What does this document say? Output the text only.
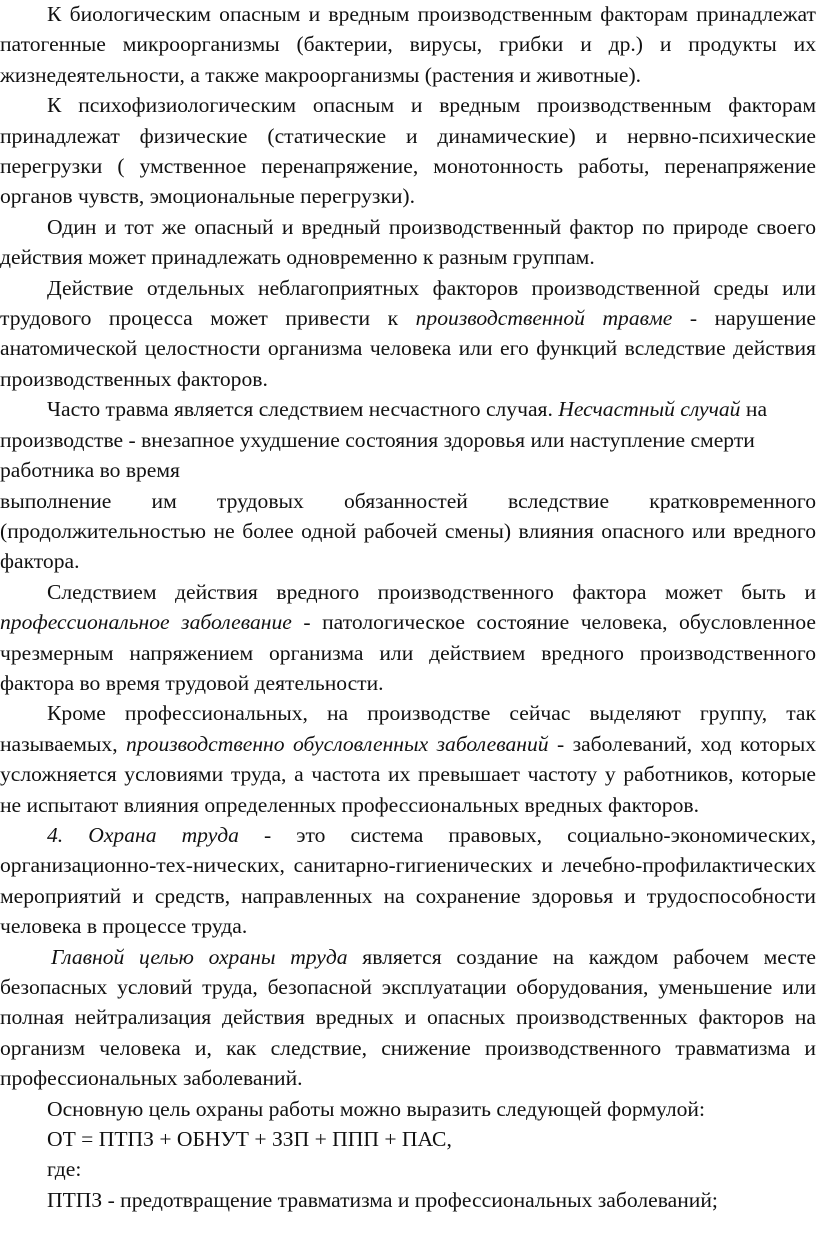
К биологическим опасным и вредным производственным факторам принадлежат патогенные микроорганизмы (бактерии, вирусы, грибки и др.) и продукты их жизнедеятельности, а также макроорганизмы (растения и животные).

К психофизиологическим опасным и вредным производственным факторам принадлежат физические (статические и динамические) и нервно-психические перегрузки ( умственное перенапряжение, монотонность работы, перенапряжение органов чувств, эмоциональные перегрузки).

Один и тот же опасный и вредный производственный фактор по природе своего действия может принадлежать одновременно к разным группам.

Действие отдельных неблагоприятных факторов производственной среды или трудового процесса может привести к производственной травме - нарушение анатомической целостности организма человека или его функций вследствие действия производственных факторов.

Часто травма является следствием несчастного случая. Несчастный случай на производстве - внезапное ухудшение состояния здоровья или наступление смерти работника во время

выполнение им трудовых обязанностей вследствие кратковременного (продолжительностью не более одной рабочей смены) влияния опасного или вредного фактора.

Следствием действия вредного производственного фактора может быть и профессиональное заболевание - патологическое состояние человека, обусловленное чрезмерным напряжением организма или действием вредного производственного фактора во время трудовой деятельности.

Кроме профессиональных, на производстве сейчас выделяют группу, так называемых, производственно обусловленных заболеваний - заболеваний, ход которых усложняется условиями труда, а частота их превышает частоту у работников, которые не испытают влияния определенных профессиональных вредных факторов.

4. Охрана труда - это система правовых, социально-экономических, организационно-тех-нических, санитарно-гигиенических и лечебно-профилактических мероприятий и средств, направленных на сохранение здоровья и трудоспособности человека в процессе труда.

Главной целью охраны труда является создание на каждом рабочем месте безопасных условий труда, безопасной эксплуатации оборудования, уменьшение или полная нейтрализация действия вредных и опасных производственных факторов на организм человека и, как следствие, снижение производственного травматизма и профессиональных заболеваний.

Основную цель охраны работы можно выразить следующей формулой:

ОТ = ПТПЗ + ОБНУТ + ЗЗП + ППП + ПАС,

где:

ПТПЗ - предотвращение травматизма и профессиональных заболеваний;
